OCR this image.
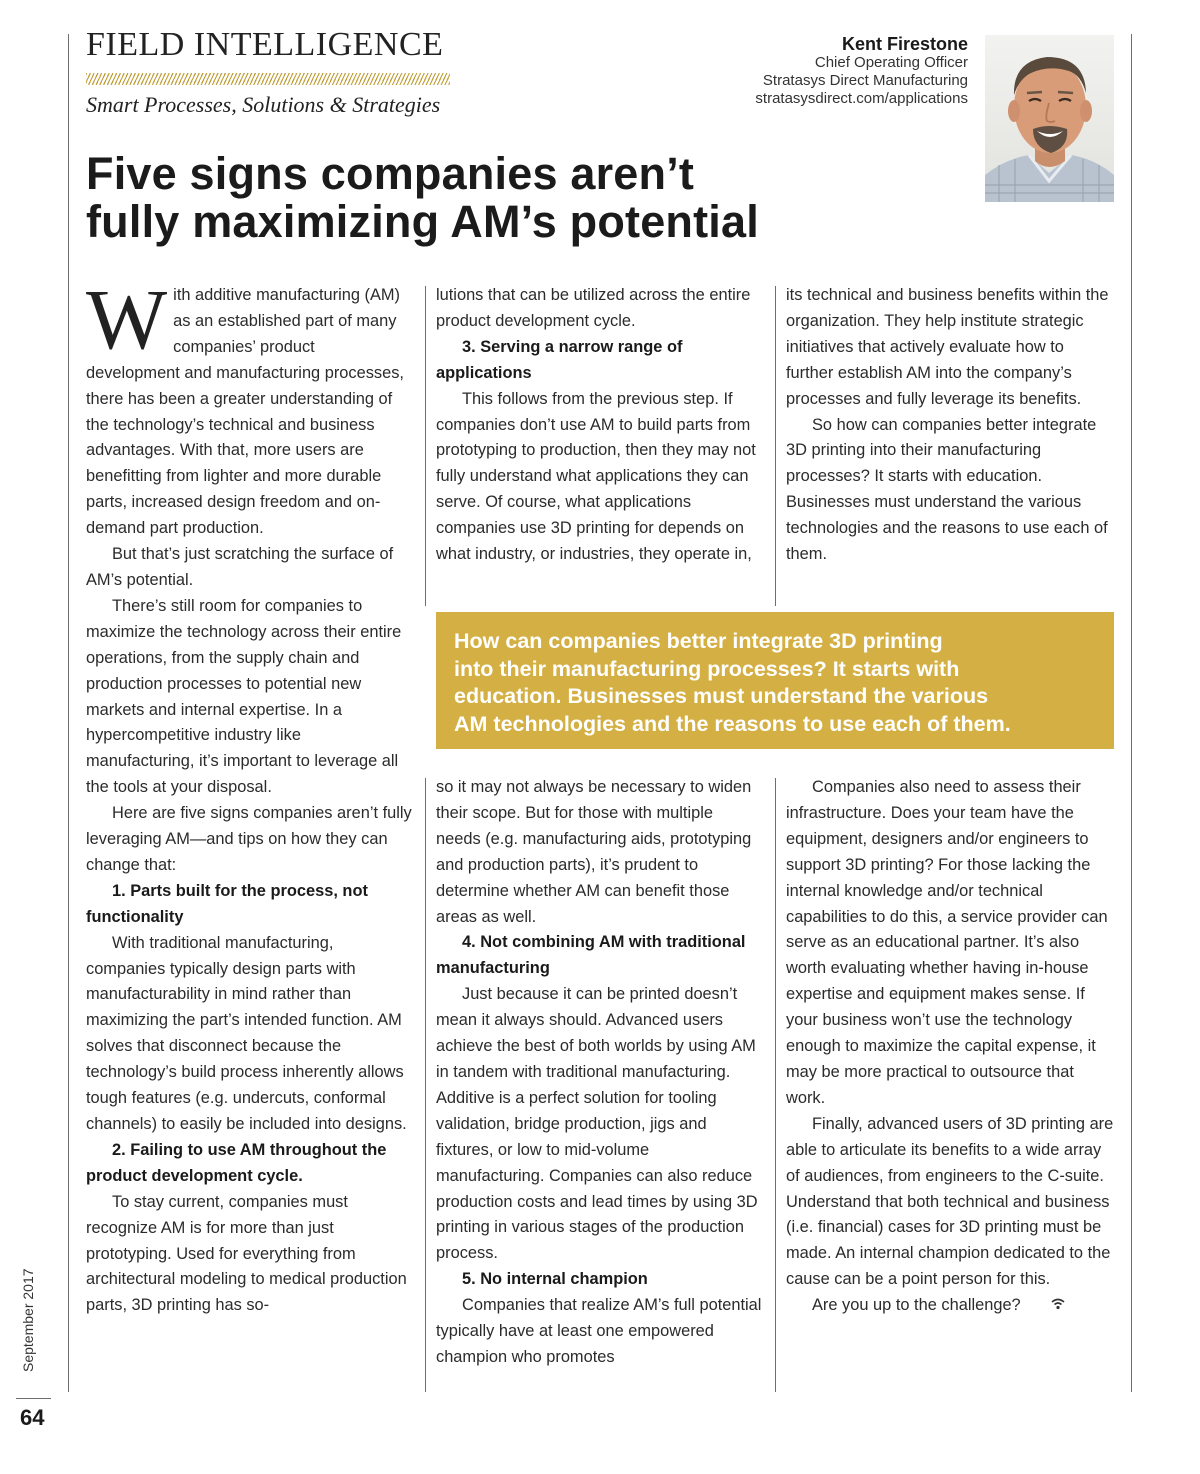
FIELD INTELLIGENCE
Smart Processes, Solutions & Strategies
Kent Firestone
Chief Operating Officer
Stratasys Direct Manufacturing
stratasysdirect.com/applications
Five signs companies aren’t
fully maximizing AM’s potential

With additive manufacturing (AM) as an established part of many companies’ product development and manufacturing processes, there has been a greater understanding of the technology’s technical and business advantages. With that, more users are benefitting from lighter and more durable parts, increased design freedom and on-demand part production.

But that’s just scratching the surface of AM’s potential.

There’s still room for companies to maximize the technology across their entire operations, from the supply chain and production processes to potential new markets and internal expertise. In a hypercompetitive industry like manufacturing, it’s important to leverage all the tools at your disposal.

Here are five signs companies aren’t fully leveraging AM—and tips on how they can change that:

1. Parts built for the process, not functionality

With traditional manufacturing, companies typically design parts with manufacturability in mind rather than maximizing the part’s intended function. AM solves that disconnect because the technology’s build process inherently allows tough features (e.g. undercuts, conformal channels) to easily be included into designs.

2. Failing to use AM throughout the product development cycle.

To stay current, companies must recognize AM is for more than just prototyping. Used for everything from architectural modeling to medical production parts, 3D printing has so-

lutions that can be utilized across the entire product development cycle.

3. Serving a narrow range of applications

This follows from the previous step. If companies don’t use AM to build parts from prototyping to production, then they may not fully understand what applications they can serve. Of course, what applications companies use 3D printing for depends on what industry, or industries, they operate in,

its technical and business benefits within the organization. They help institute strategic initiatives that actively evaluate how to further establish AM into the company’s processes and fully leverage its benefits.

So how can companies better integrate 3D printing into their manufacturing processes? It starts with education. Businesses must understand the various technologies and the reasons to use each of them.

How can companies better integrate 3D printing
into their manufacturing processes? It starts with
education. Businesses must understand the various
AM technologies and the reasons to use each of them.

so it may not always be necessary to widen their scope. But for those with multiple needs (e.g. manufacturing aids, prototyping and production parts), it’s prudent to determine whether AM can benefit those areas as well.

4. Not combining AM with traditional manufacturing

Just because it can be printed doesn’t mean it always should. Advanced users achieve the best of both worlds by using AM in tandem with traditional manufacturing. Additive is a perfect solution for tooling validation, bridge production, jigs and fixtures, or low to mid-volume manufacturing. Companies can also reduce production costs and lead times by using 3D printing in various stages of the production process.

5. No internal champion

Companies that realize AM’s full potential typically have at least one empowered champion who promotes

Companies also need to assess their infrastructure. Does your team have the equipment, designers and/or engineers to support 3D printing? For those lacking the internal knowledge and/or technical capabilities to do this, a service provider can serve as an educational partner. It’s also worth evaluating whether having in-house expertise and equipment makes sense. If your business won’t use the technology enough to maximize the capital expense, it may be more practical to outsource that work.

Finally, advanced users of 3D printing are able to articulate its benefits to a wide array of audiences, from engineers to the C-suite. Understand that both technical and business (i.e. financial) cases for 3D printing must be made. An internal champion dedicated to the cause can be a point person for this.

Are you up to the challenge?

September 2017
64
